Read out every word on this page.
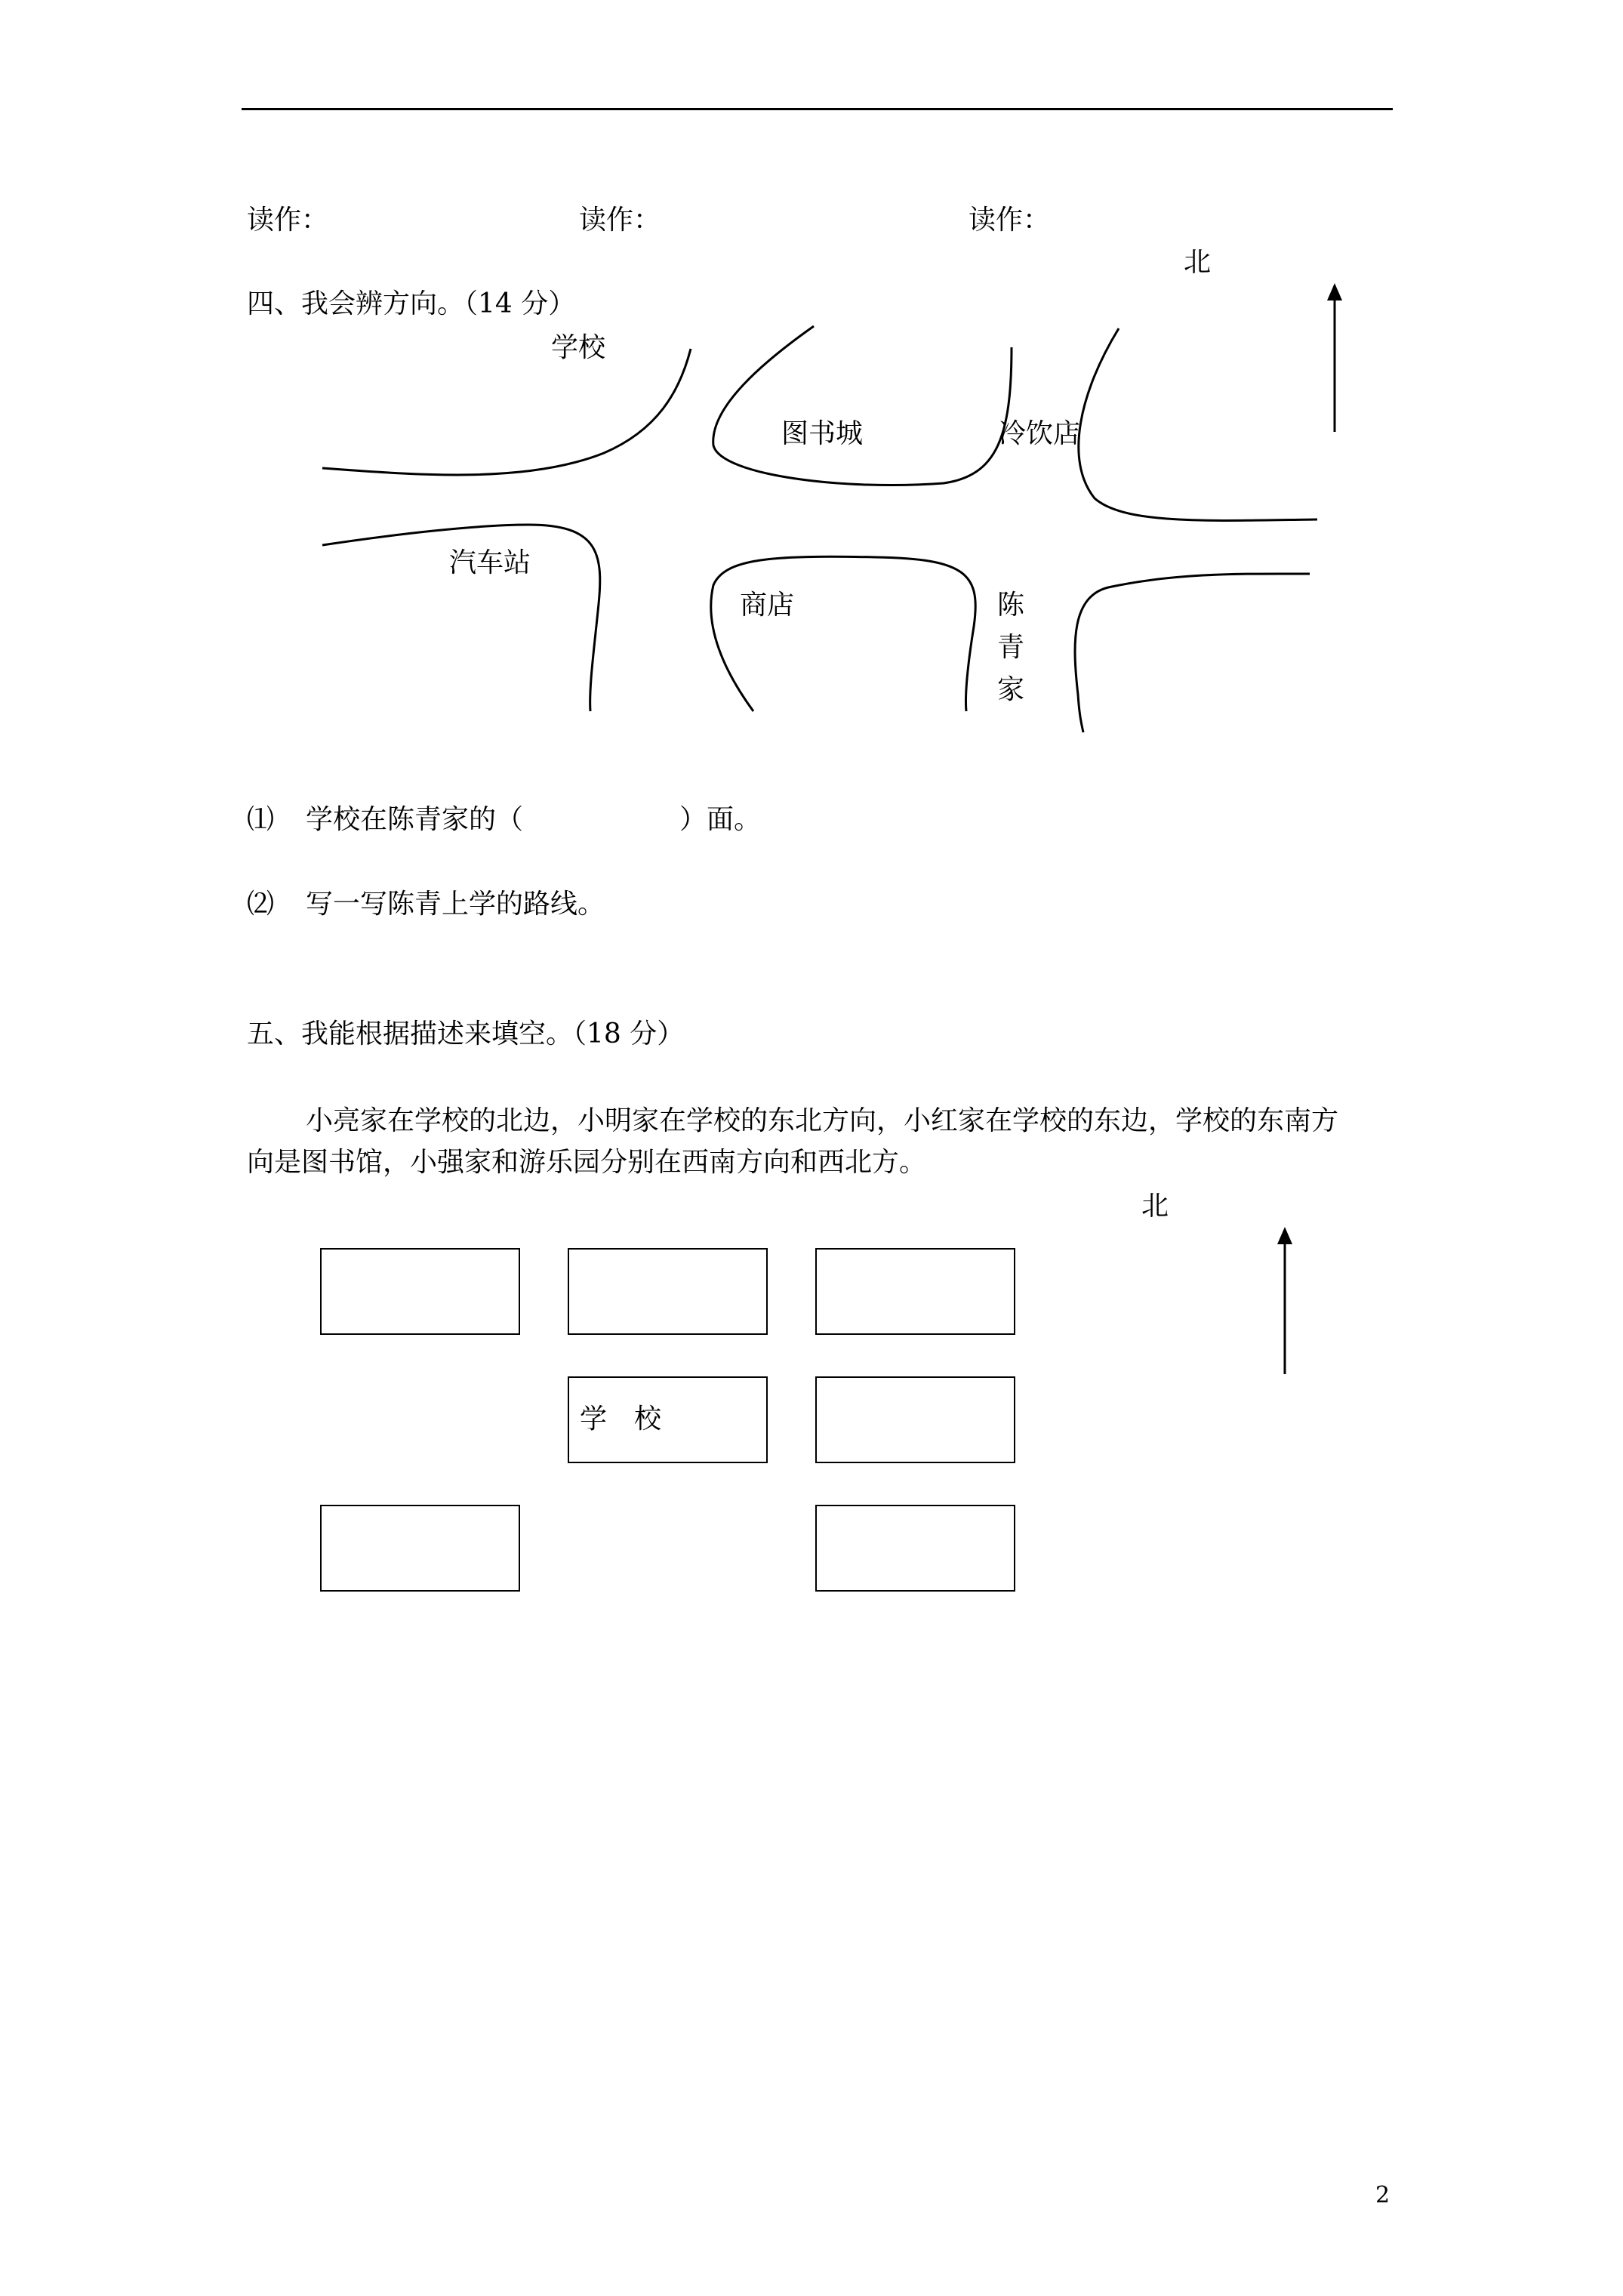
读作：	读作：	读作：
北
四、我会辨方向。（14 分）
学校
图书城	冷饮店
汽车站
商店	陈
青
家
⑴ 学校在陈青家的（	）面。
⑵ 写一写陈青上学的路线。
五、我能根据描述来填空。（18 分）
小亮家在学校的北边，小明家在学校的东北方向，小红家在学校的东边，学校的东南方
向是图书馆，小强家和游乐园分别在西南方向和西北方。
北
学　校
2
